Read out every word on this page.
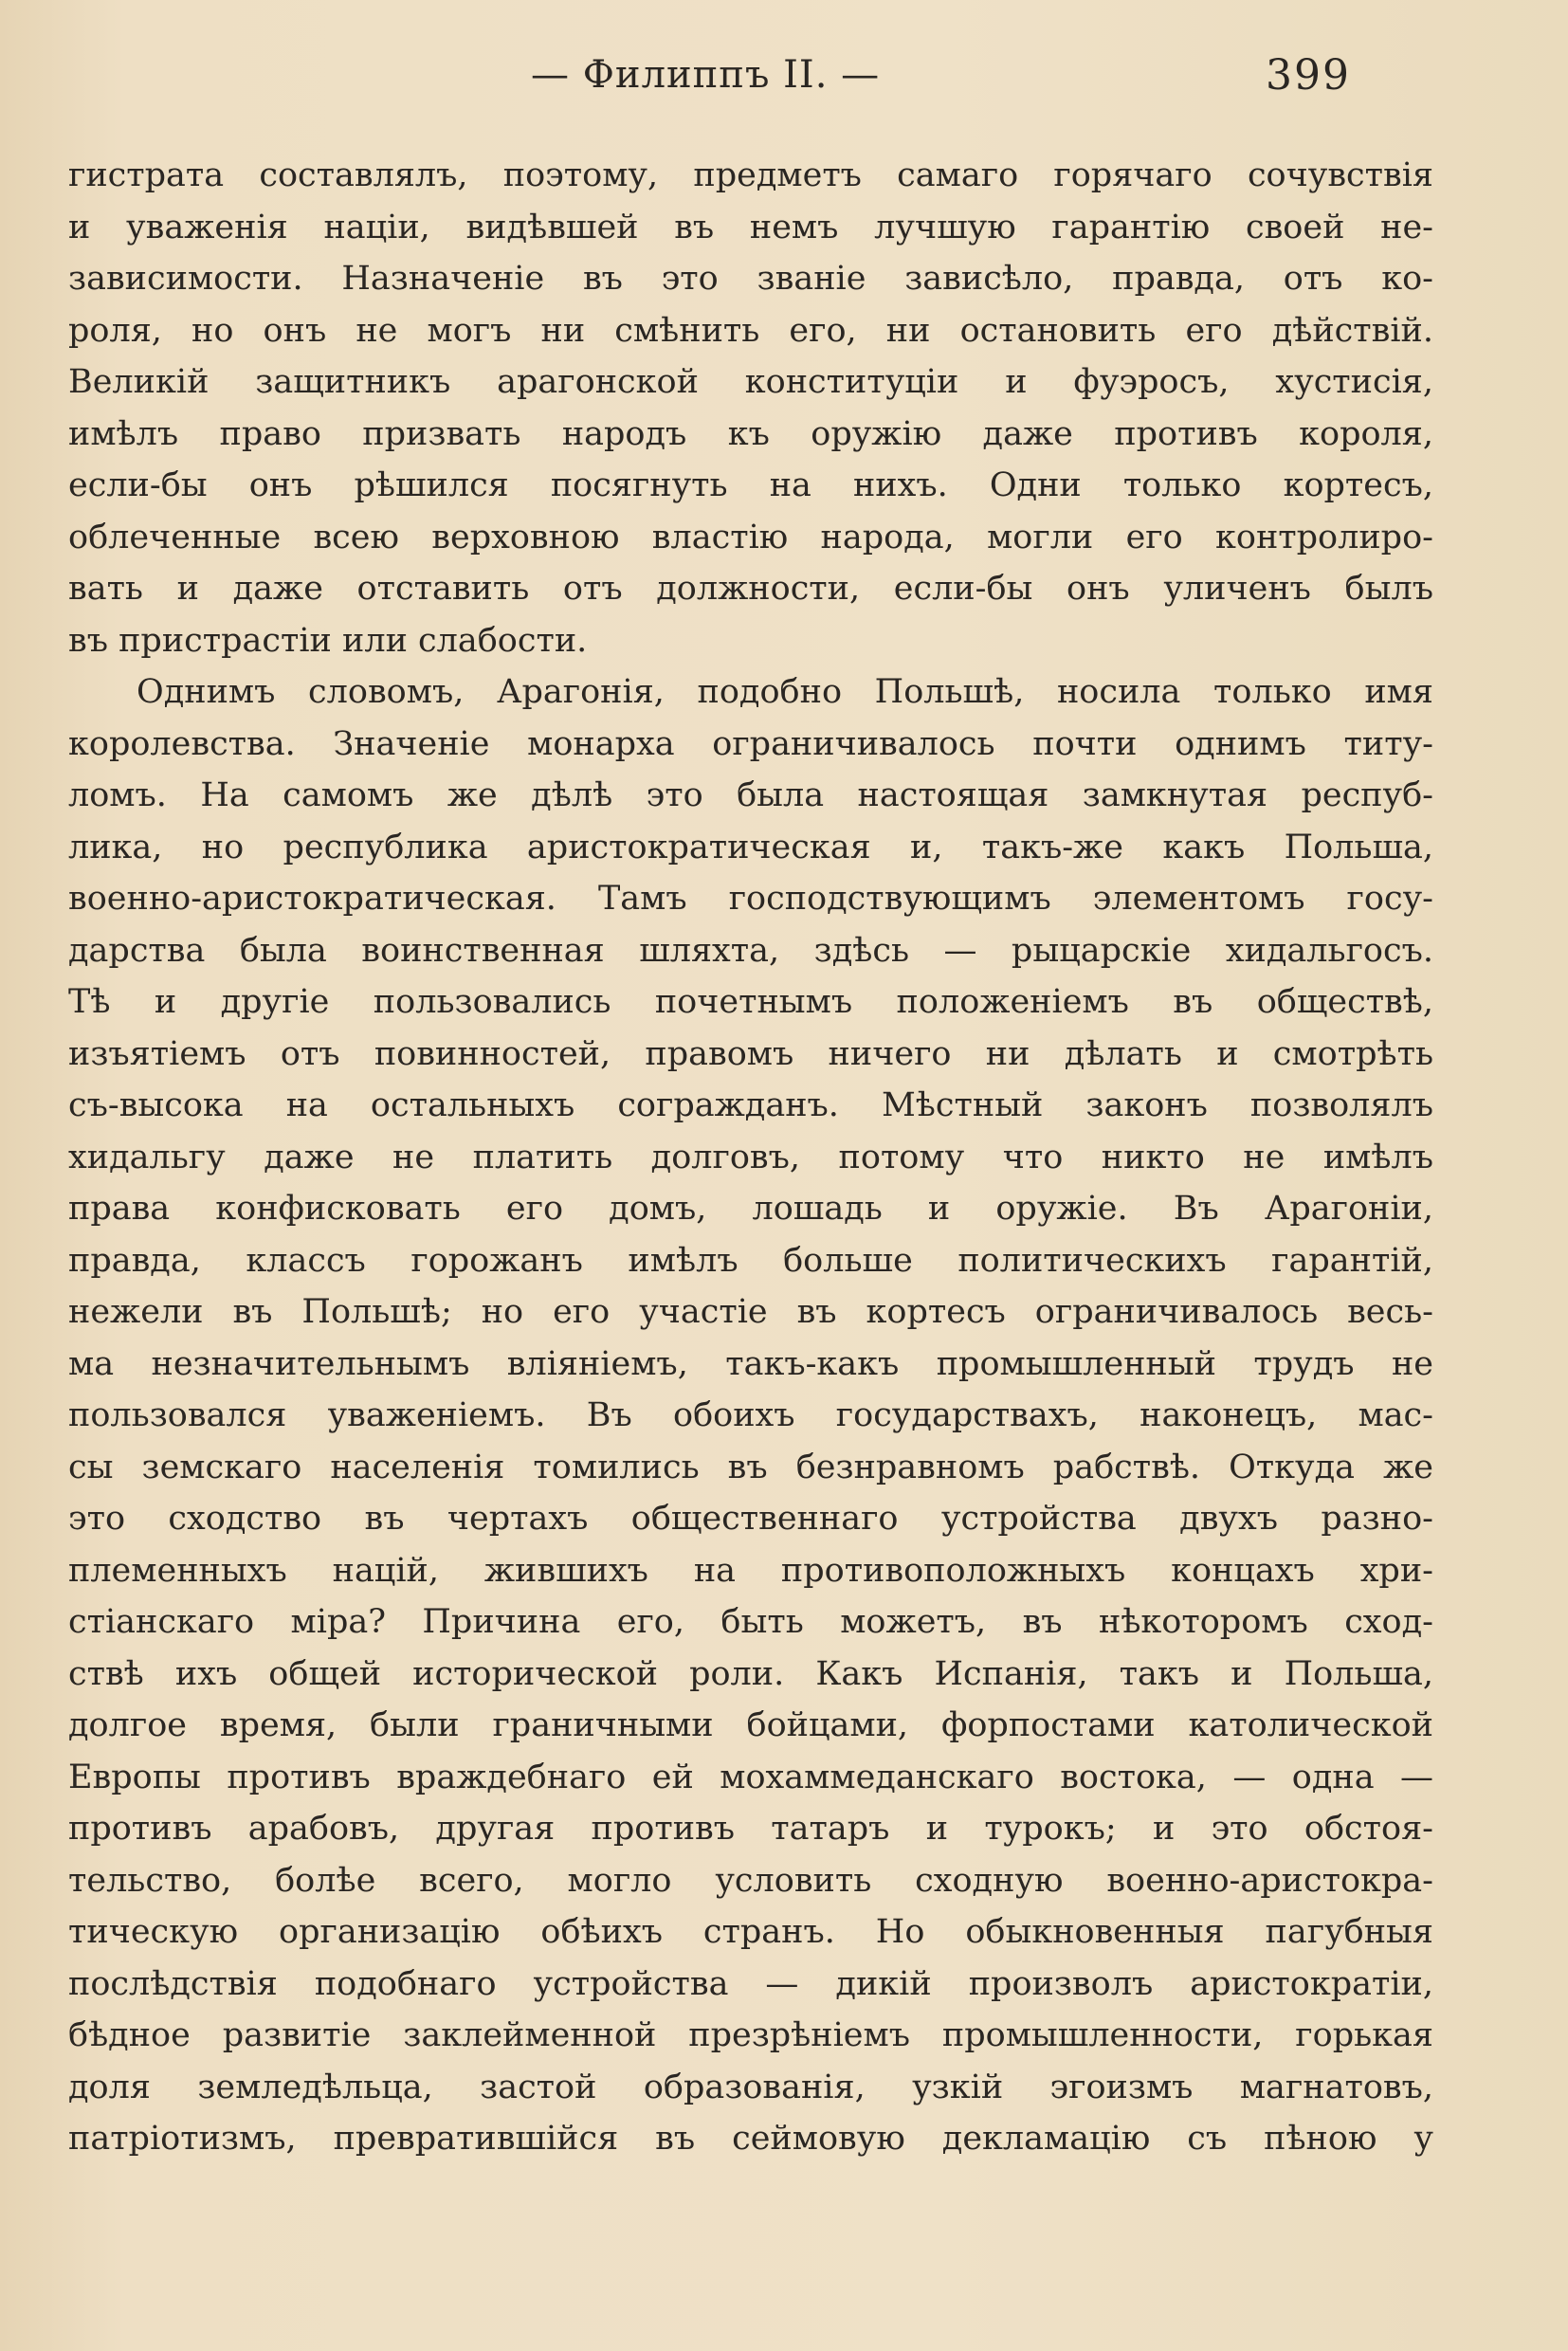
— Филиппъ II. —	399
гистрата составлялъ, поэтому, предметъ самаго горячаго сочувствія
и уваженія націи, видѣвшей въ немъ лучшую гарантію своей не-
зависимости. Назначеніе въ это званіе зависѣло, правда, отъ ко-
роля, но онъ не могъ ни смѣнить его, ни остановить его дѣйствій.
Великій защитникъ арагонской конституціи и фуэросъ, хустисія,
имѣлъ право призвать народъ къ оружію даже противъ короля,
если-бы онъ рѣшился посягнуть на нихъ. Одни только кортесъ,
облеченные всею верховною властію народа, могли его контролиро-
вать и даже отставить отъ должности, если-бы онъ уличенъ былъ
въ пристрастіи или слабости.
Однимъ словомъ, Арагонія, подобно Польшѣ, носила только имя
королевства. Значеніе монарха ограничивалось почти однимъ титу-
ломъ. На самомъ же дѣлѣ это была настоящая замкнутая респуб-
лика, но республика аристократическая и, такъ-же какъ Польша,
военно-аристократическая. Тамъ господствующимъ элементомъ госу-
дарства была воинственная шляхта, здѣсь — рыцарскіе хидальгосъ.
Тѣ и другіе пользовались почетнымъ положеніемъ въ обществѣ,
изъятіемъ отъ повинностей, правомъ ничего ни дѣлать и смотрѣть
съ-высока на остальныхъ согражданъ. Мѣстный законъ позволялъ
хидальгу даже не платить долговъ, потому что никто не имѣлъ
права конфисковать его домъ, лошадь и оружіе. Въ Арагоніи,
правда, классъ горожанъ имѣлъ больше политическихъ гарантій,
нежели въ Польшѣ; но его участіе въ кортесъ ограничивалось весь-
ма незначительнымъ вліяніемъ, такъ-какъ промышленный трудъ не
пользовался уваженіемъ. Въ обоихъ государствахъ, наконецъ, мас-
сы земскаго населенія томились въ безнравномъ рабствѣ. Откуда же
это сходство въ чертахъ общественнаго устройства двухъ разно-
племенныхъ націй, жившихъ на противоположныхъ концахъ хри-
стіанскаго міра? Причина его, быть можетъ, въ нѣкоторомъ сход-
ствѣ ихъ общей исторической роли. Какъ Испанія, такъ и Польша,
долгое время, были граничными бойцами, форпостами католической
Европы противъ враждебнаго ей мохаммеданскаго востока, — одна —
противъ арабовъ, другая противъ татаръ и турокъ; и это обстоя-
тельство, болѣе всего, могло условить сходную военно-аристокра-
тическую организацію обѣихъ странъ. Но обыкновенныя пагубныя
послѣдствія подобнаго устройства — дикій произволъ аристократіи,
бѣдное развитіе заклейменной презрѣніемъ промышленности, горькая
доля земледѣльца, застой образованія, узкій эгоизмъ магнатовъ,
патріотизмъ, превратившійся въ сеймовую декламацію съ пѣною у
